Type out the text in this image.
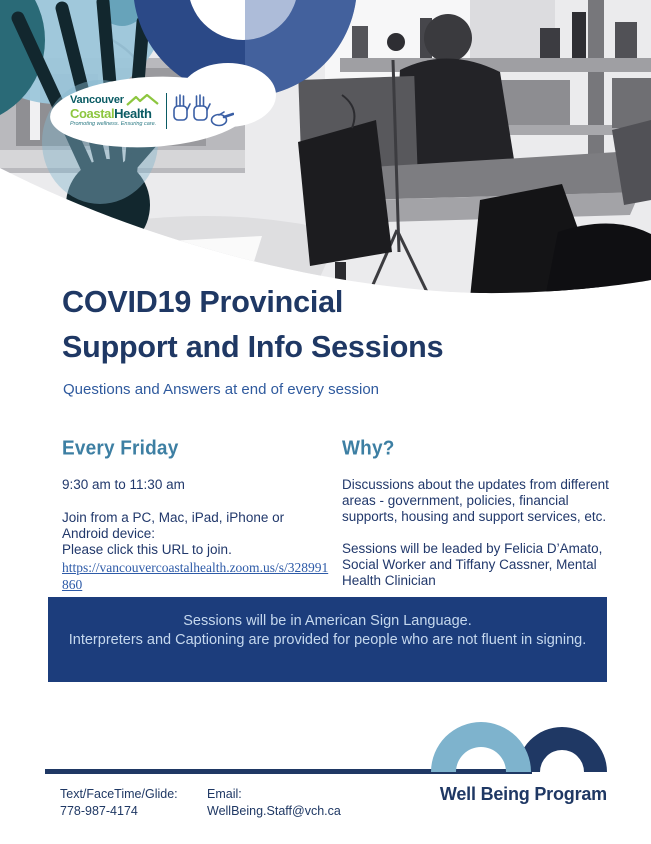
Vancouver
CoastalHealth
Promoting wellness. Ensuring care.
COVID19 Provincial
Support and Info Sessions
Questions and Answers at end of every session
Every Friday
9:30 am to 11:30 am
Join from a PC, Mac, iPad, iPhone or
Android device:
Please click this URL to join.
https://vancouvercoastalhealth.zoom.us/s/328991860
Why?
Discussions about the updates from different
areas - government, policies, financial
supports, housing and support services, etc.
Sessions will be leaded by Felicia D’Amato,
Social Worker and Tiffany Cassner, Mental
Health Clinician
Sessions will be in American Sign Language.
Interpreters and Captioning are provided for people who are not fluent in signing.
Well Being Program
Text/FaceTime/Glide:
778-987-4174
Email:
WellBeing.Staff@vch.ca
